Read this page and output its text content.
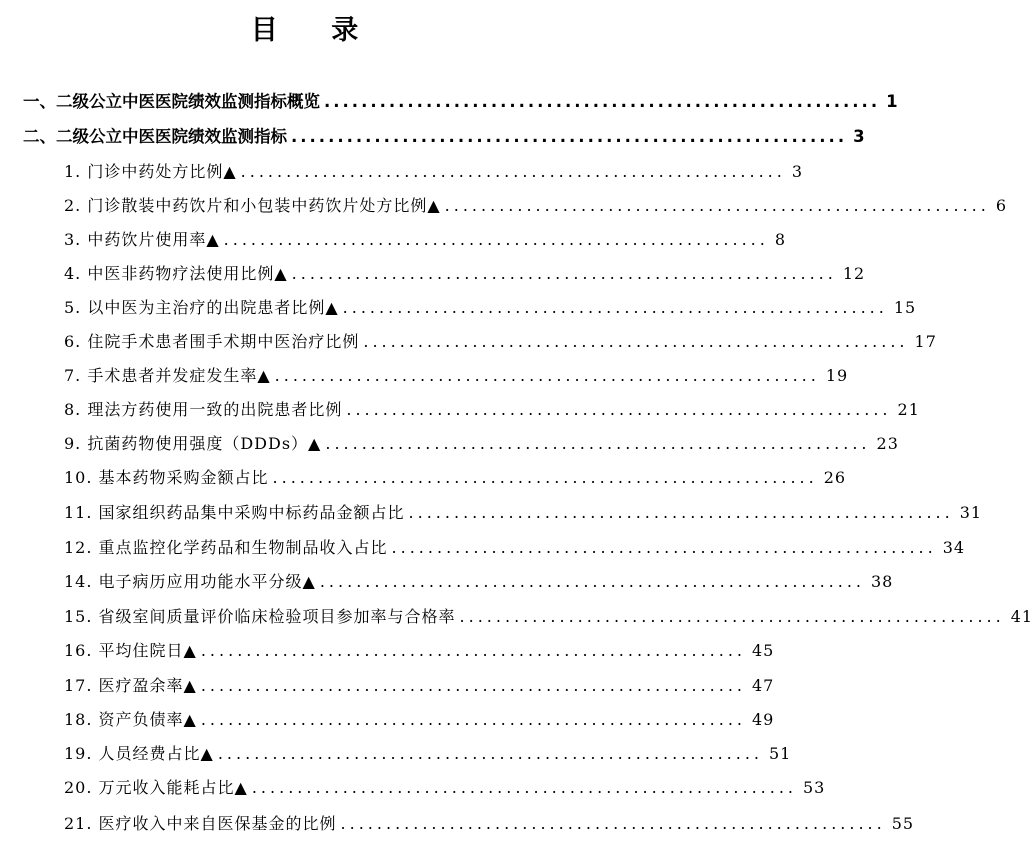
目 录
一、二级公立中医医院绩效监测指标概览 ............................................................ 1
二、二级公立中医医院绩效监测指标 ............................................................ 3
1. 门诊中药处方比例▲ ............................................................ 3
2. 门诊散装中药饮片和小包装中药饮片处方比例▲ ............................................................ 6
3. 中药饮片使用率▲ ............................................................ 8
4. 中医非药物疗法使用比例▲ ............................................................ 12
5. 以中医为主治疗的出院患者比例▲ ............................................................ 15
6. 住院手术患者围手术期中医治疗比例 ............................................................ 17
7. 手术患者并发症发生率▲ ............................................................ 19
8. 理法方药使用一致的出院患者比例 ............................................................ 21
9. 抗菌药物使用强度（DDDs）▲ ............................................................ 23
10. 基本药物采购金额占比 ............................................................ 26
11. 国家组织药品集中采购中标药品金额占比 ............................................................ 31
12. 重点监控化学药品和生物制品收入占比 ............................................................ 34
14. 电子病历应用功能水平分级▲ ............................................................ 38
15. 省级室间质量评价临床检验项目参加率与合格率 ............................................................ 41
16. 平均住院日▲ ............................................................ 45
17. 医疗盈余率▲ ............................................................ 47
18. 资产负债率▲ ............................................................ 49
19. 人员经费占比▲ ............................................................ 51
20. 万元收入能耗占比▲ ............................................................ 53
21. 医疗收入中来自医保基金的比例 ............................................................ 55
